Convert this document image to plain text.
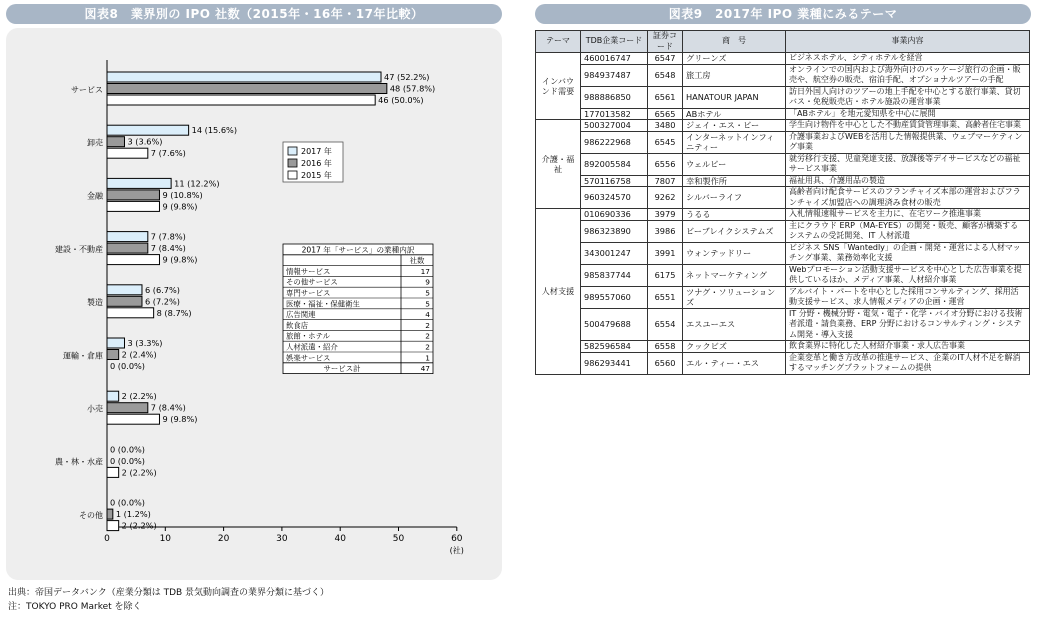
図表8　業界別の IPO 社数（2015年・16年・17年比較）	図表9　2017年 IPO 業種にみるテーマ
0	10	20	30	40	50	60
(社)
47 (52.2%)
48 (57.8%)
46 (50.0%)
サービス
14 (15.6%)
3 (3.6%)
7 (7.6%)
卸売
11 (12.2%)
9 (10.8%)
9 (9.8%)
金融
7 (7.8%)
7 (8.4%)
9 (9.8%)
建設・不動産
6 (6.7%)
6 (7.2%)
8 (8.7%)
製造
3 (3.3%)
2 (2.4%)
0 (0.0%)
運輸・倉庫
2 (2.2%)
7 (8.4%)
9 (9.8%)
小売
0 (0.0%)
0 (0.0%)
2 (2.2%)
農・林・水産
0 (0.0%)
1 (1.2%)
2 (2.2%)
その他
2017 年
2016 年
2015 年
2017 年「サービス」の業種内訳
社数
情報サービス	17
その他サービス	9
専門サービス	5
医療・福祉・保健衛生	5
広告関連	4
飲食店	2
旅館・ホテル	2
人材派遣・紹介	2
娯楽サービス	1
サービス計	47
出典：帝国データバンク（産業分類は TDB 景気動向調査の業界分類に基づく）
注：TOKYO PRO Market を除く
テーマ	TDB企業コード	証券コード	商　号	事業内容
インバウンド需要	460016747	6547	グリーンズ	ビジネスホテル、シティホテルを経営
	984937487	6548	旅工房	オンラインでの国内および海外向けのパッケージ旅行の企画・販売や、航空券の販売、宿泊手配、オプショナルツアーの手配
	988886850	6561	HANATOUR JAPAN	訪日外国人向けのツアーの地上手配を中心とする旅行事業、貸切バス・免税販売店・ホテル施設の運営事業
	177013582	6565	ABホテル	「ABホテル」を地元愛知県を中心に展開
介護・福祉	500327004	3480	ジェイ・エス・ビー	学生向け物件を中心とした不動産賃貸管理事業、高齢者住宅事業
	986222968	6545	インターネットインフィニティー	介護事業およびWEBを活用した情報提供業、ウェブマーケティング事業
	892005584	6556	ウェルビー	就労移行支援、児童発達支援、放課後等デイサービスなどの福祉サービス事業
	570116758	7807	幸和製作所	福祉用具、介護用品の製造
	960324570	9262	シルバーライフ	高齢者向け配食サービスのフランチャイズ本部の運営およびフランチャイズ加盟店への調理済み食材の販売
人材支援	010690336	3979	うるる	入札情報速報サービスを主力に、在宅ワーク推進事業
	986323890	3986	ビーブレイクシステムズ	主にクラウド ERP（MA-EYES）の開発・販売、顧客が構築するシステムの受託開発、IT 人材派遣
	343001247	3991	ウォンテッドリー	ビジネス SNS「Wantedly」の企画・開発・運営による人材マッチング事業、業務効率化支援
	985837744	6175	ネットマーケティング	Webプロモーション活動支援サービスを中心とした広告事業を提供しているほか、メディア事業、人材紹介事業
	989557060	6551	ツナグ・ソリューションズ	アルバイト・パートを中心とした採用コンサルティング、採用活動支援サービス、求人情報メディアの企画・運営
	500479688	6554	エスユーエス	IT 分野・機械分野・電気・電子・化学・バイオ分野における技術者派遣・請負業務、ERP 分野におけるコンサルティング・システム開発・導入支援
	582596584	6558	クックビズ	飲食業界に特化した人材紹介事業・求人広告事業
	986293441	6560	エル・ティー・エス	企業変革と働き方改革の推進サービス、企業のIT人材不足を解消するマッチングプラットフォームの提供
